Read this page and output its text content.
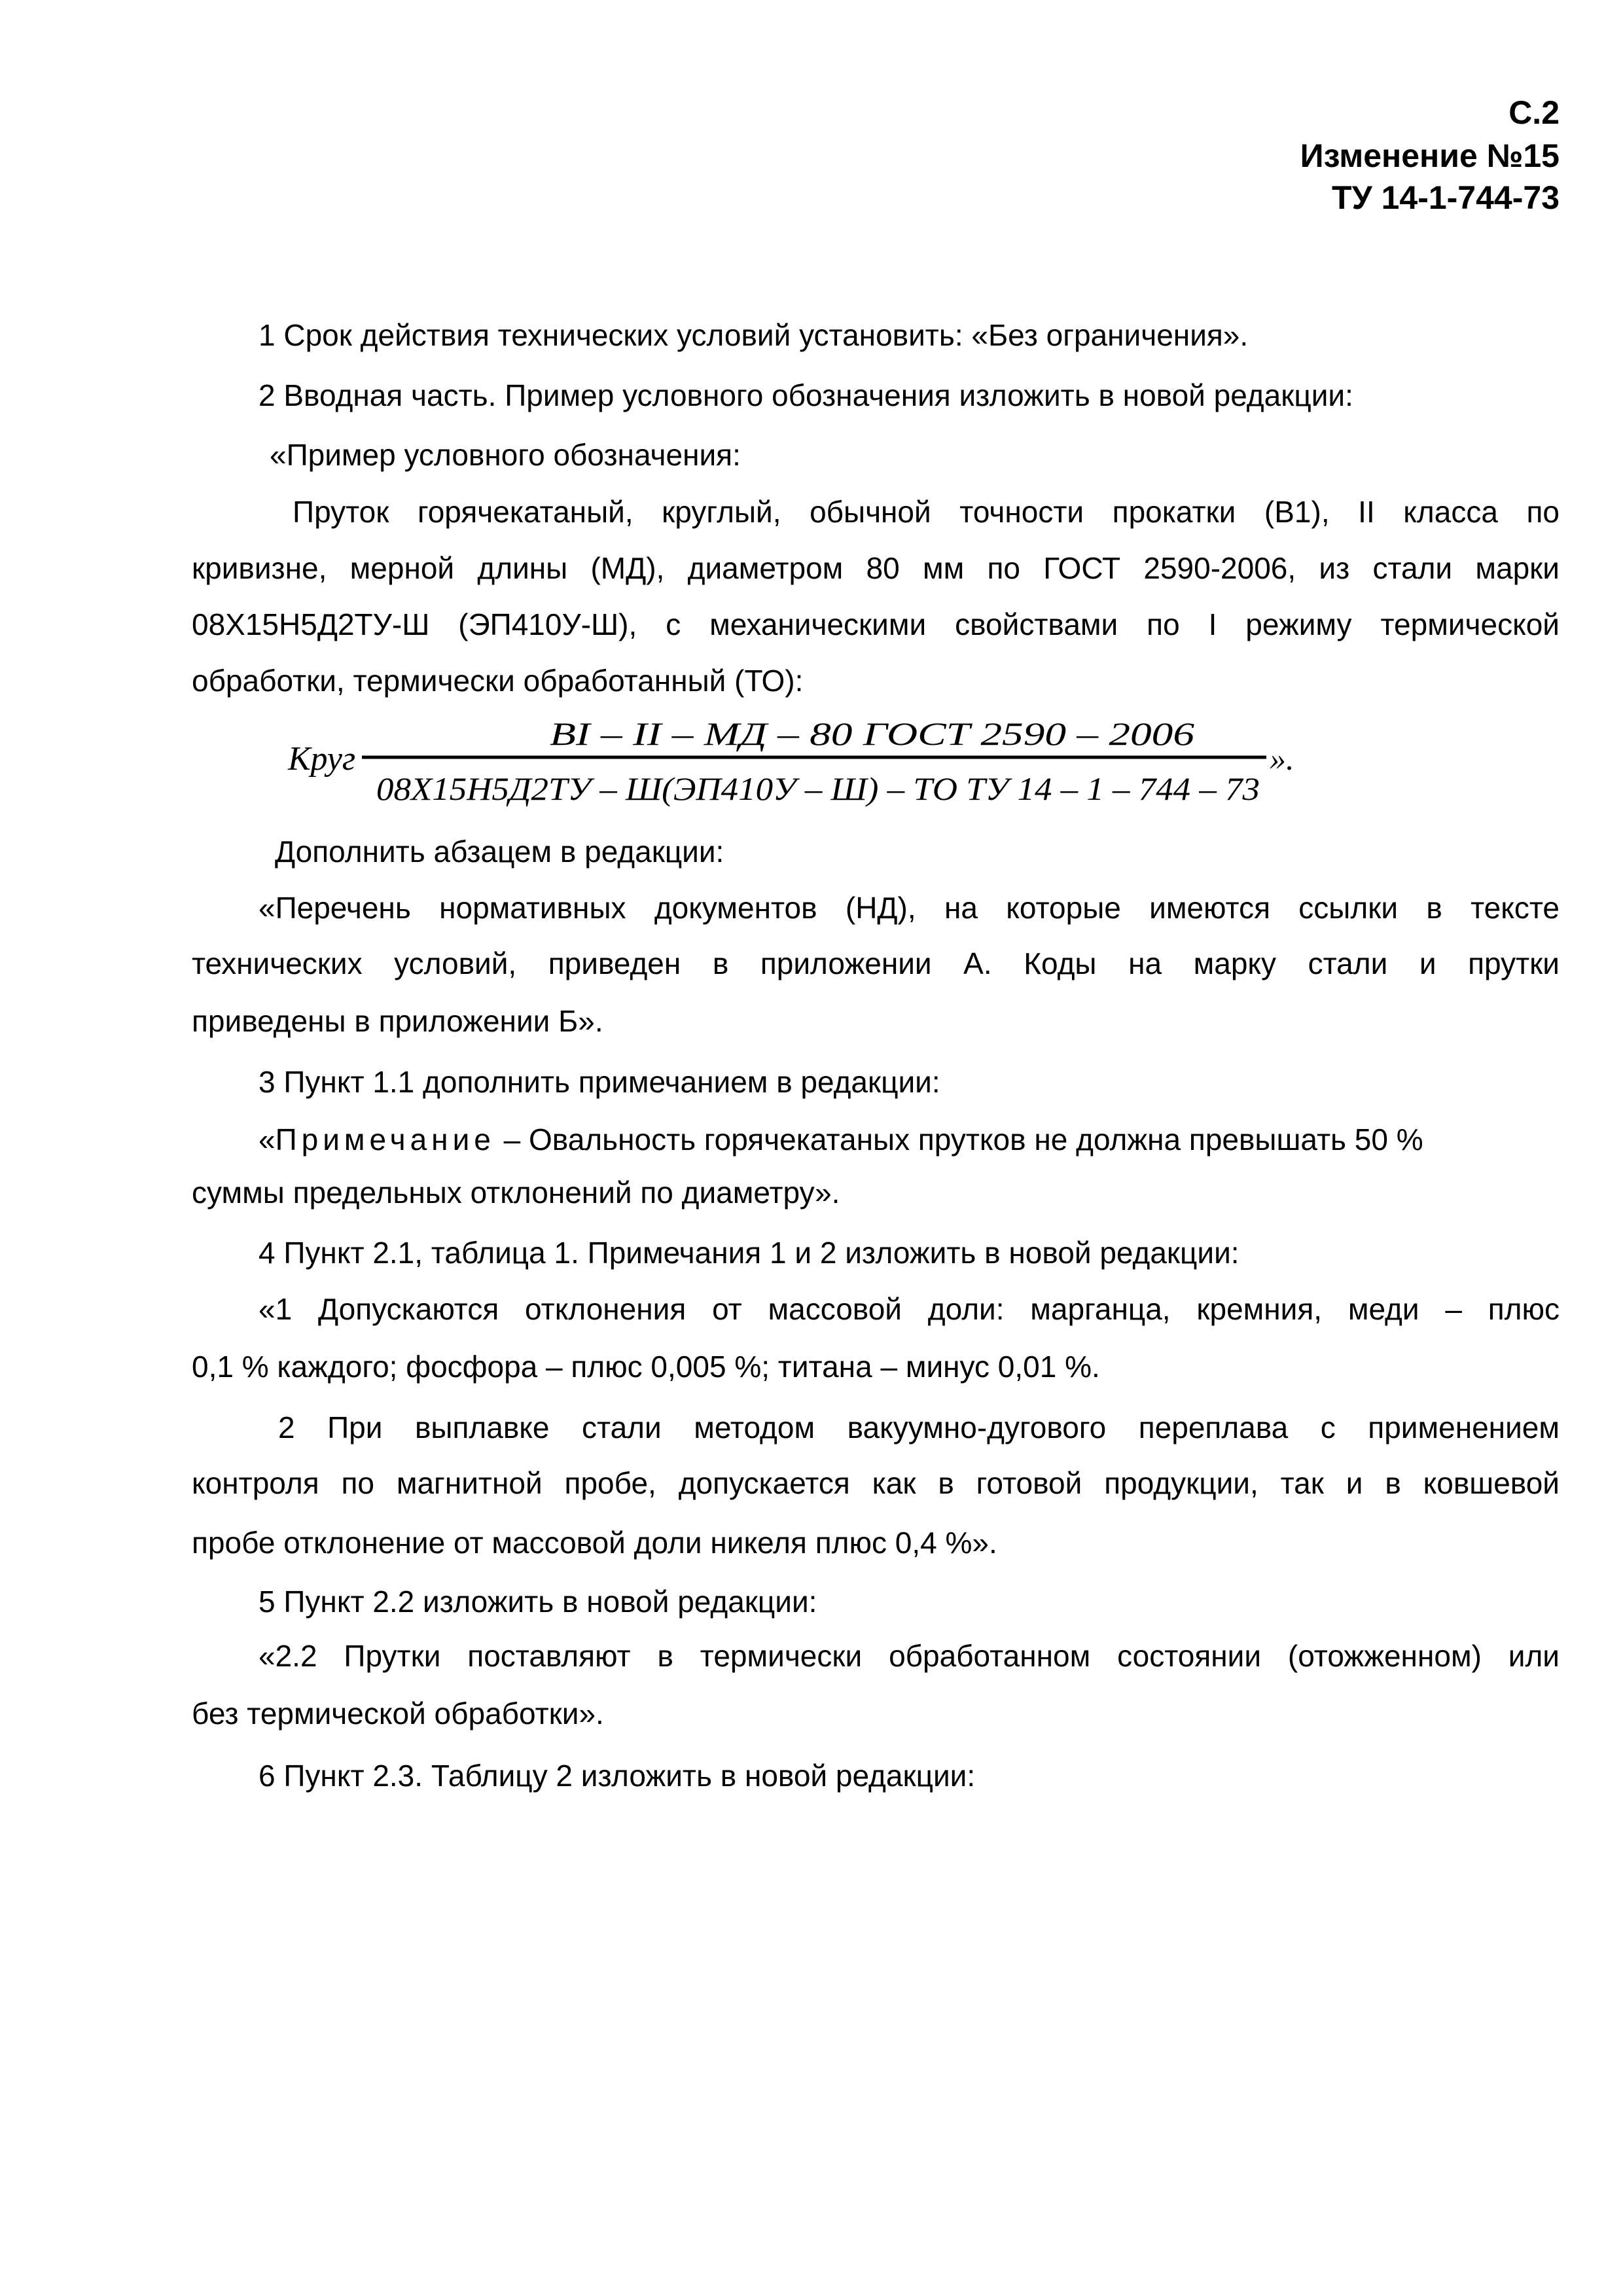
С.2
Изменение №15
ТУ 14-1-744-73
1 Срок действия технических условий установить: «Без ограничения».
2 Вводная часть. Пример условного обозначения изложить в новой редакции:
«Пример условного обозначения:
Пруток горячекатаный, круглый, обычной точности прокатки (В1), II класса по
кривизне, мерной длины (МД), диаметром 80 мм по ГОСТ 2590-2006, из стали марки
08Х15Н5Д2ТУ-Ш (ЭП410У-Ш), с механическими свойствами по I режиму термической
обработки, термически обработанный (ТО):
Круг
BI – II – МД – 80 ГОСТ 2590 – 2006
08Х15Н5Д2ТУ – Ш(ЭП410У – Ш) – ТО ТУ 14 – 1 – 744 – 73
».
Дополнить абзацем в редакции:
«Перечень нормативных документов (НД), на которые имеются ссылки в тексте
технических условий, приведен в приложении А. Коды на марку стали и прутки
приведены в приложении Б».
3 Пункт 1.1 дополнить примечанием в редакции:
«Примечание – Овальность горячекатаных прутков не должна превышать 50 %
суммы предельных отклонений по диаметру».
4 Пункт 2.1, таблица 1. Примечания 1 и 2 изложить в новой редакции:
«1 Допускаются отклонения от массовой доли: марганца, кремния, меди – плюс
0,1 % каждого; фосфора – плюс 0,005 %; титана – минус 0,01 %.
2 При выплавке стали методом вакуумно-дугового переплава с применением
контроля по магнитной пробе, допускается как в готовой продукции, так и в ковшевой
пробе отклонение от массовой доли никеля плюс 0,4 %».
5 Пункт 2.2 изложить в новой редакции:
«2.2 Прутки поставляют в термически обработанном состоянии (отожженном) или
без термической обработки».
6 Пункт 2.3. Таблицу 2 изложить в новой редакции:
